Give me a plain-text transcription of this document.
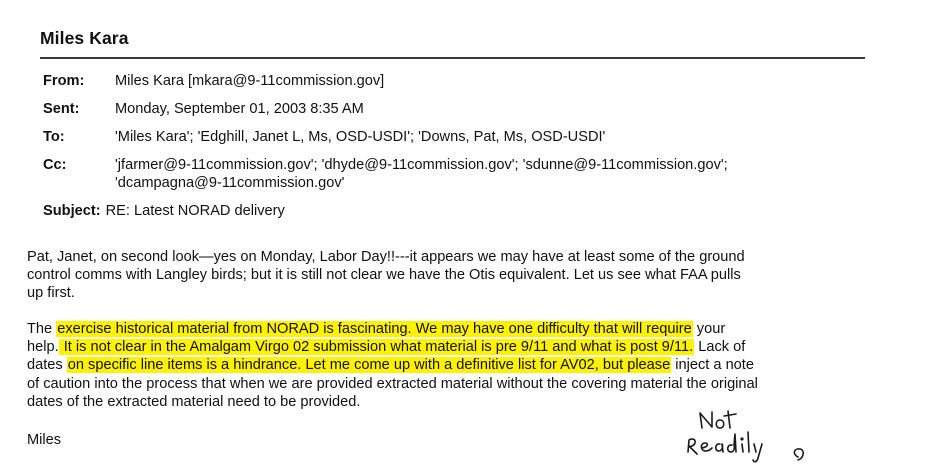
Miles Kara
From: Miles Kara [mkara@9-11commission.gov]
Sent: Monday, September 01, 2003 8:35 AM
To:	'Miles Kara'; 'Edghill, Janet L, Ms, OSD-USDI'; 'Downs, Pat, Ms, OSD-USDI'
Cc:	'jfarmer@9-11commission.gov'; 'dhyde@9-11commission.gov'; 'sdunne@9-11commission.gov';
'dcampagna@9-11commission.gov'
Subject: RE: Latest NORAD delivery
Pat, Janet, on second look—yes on Monday, Labor Day!!---it appears we may have at least some of the ground
control comms with Langley birds; but it is still not clear we have the Otis equivalent. Let us see what FAA pulls
up first.
The exercise historical material from NORAD is fascinating. We may have one difficulty that will require your
help. It is not clear in the Amalgam Virgo 02 submission what material is pre 9/11 and what is post 9/11. Lack of
dates on specific line items is a hindrance. Let me come up with a definitive list for AV02, but please inject a note
of caution into the process that when we are provided extracted material without the covering material the original
dates of the extracted material need to be provided.
Miles
